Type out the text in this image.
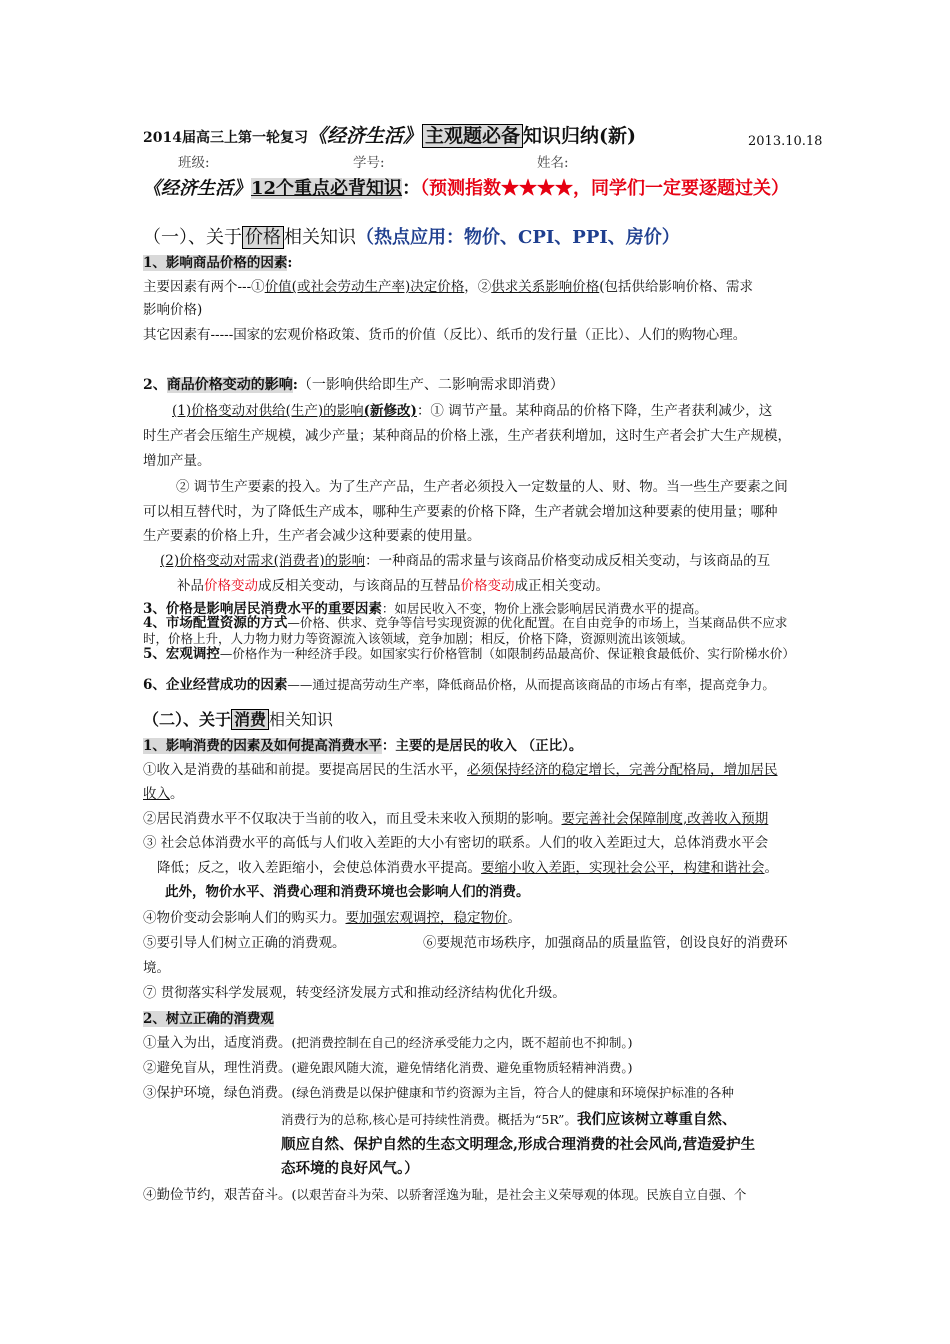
2014届高三上第一轮复习《经济生活》 主观题必备 知识归纳(新)	2013.10.18
班级:	学号:	姓名:
《经济生活》12个重点必背知识：（预测指数★★★★，同学们一定要逐题过关）
（一）、关于 价格 相关知识（热点应用：物价、CPI、PPI、房价）
1、影响商品价格的因素:
主要因素有两个---①价值(或社会劳动生产率)决定价格，②供求关系影响价格(包括供给影响价格、需求
影响价格)
其它因素有-----国家的宏观价格政策、货币的价值（反比）、纸币的发行量（正比）、人们的购物心理。
2、商品价格变动的影响:（一影响供给即生产、二影响需求即消费）
(1)价格变动对供给(生产)的影响(新修改)：① 调节产量。某种商品的价格下降，生产者获利减少，这
时生产者会压缩生产规模，减少产量；某种商品的价格上涨，生产者获利增加，这时生产者会扩大生产规模，
增加产量。
② 调节生产要素的投入。为了生产产品，生产者必须投入一定数量的人、财、物。当一些生产要素之间
可以相互替代时，为了降低生产成本，哪种生产要素的价格下降，生产者就会增加这种要素的使用量；哪种
生产要素的价格上升，生产者会减少这种要素的使用量。
(2)价格变动对需求(消费者)的影响：一种商品的需求量与该商品价格变动成反相关变动，与该商品的互
补品价格变动成反相关变动，与该商品的互替品价格变动成正相关变动。
3、价格是影响居民消费水平的重要因素：如居民收入不变，物价上涨会影响居民消费水平的提高。
4、市场配置资源的方式—价格、供求、竞争等信号实现资源的优化配置。在自由竞争的市场上，当某商品供不应求时，价格上升，人力物力财力等资源流入该领域，竞争加剧；相反，价格下降，资源则流出该领域。
5、宏观调控—价格作为一种经济手段。如国家实行价格管制（如限制药品最高价、保证粮食最低价、实行阶梯水价）
6、企业经营成功的因素——通过提高劳动生产率，降低商品价格，从而提高该商品的市场占有率，提高竞争力。
（二）、关于 消费 相关知识
1、影响消费的因素及如何提高消费水平：主要的是居民的收入 （正比）。
①收入是消费的基础和前提。要提高居民的生活水平，必须保持经济的稳定增长，完善分配格局，增加居民
收入。
②居民消费水平不仅取决于当前的收入，而且受未来收入预期的影响。要完善社会保障制度,改善收入预期
③ 社会总体消费水平的高低与人们收入差距的大小有密切的联系。人们的收入差距过大，总体消费水平会
降低；反之，收入差距缩小，会使总体消费水平提高。要缩小收入差距，实现社会公平，构建和谐社会。
此外，物价水平、消费心理和消费环境也会影响人们的消费。
④物价变动会影响人们的购买力。要加强宏观调控，稳定物价。
⑤要引导人们树立正确的消费观。	⑥要规范市场秩序，加强商品的质量监管，创设良好的消费环
境。
⑦ 贯彻落实科学发展观，转变经济发展方式和推动经济结构优化升级。
2、树立正确的消费观
①量入为出，适度消费。(把消费控制在自己的经济承受能力之内，既不超前也不抑制。)
②避免盲从，理性消费。(避免跟风随大流，避免情绪化消费、避免重物质轻精神消费。)
③保护环境，绿色消费。(绿色消费是以保护健康和节约资源为主旨，符合人的健康和环境保护标准的各种
消费行为的总称,核心是可持续性消费。概括为“5R”。我们应该树立尊重自然、
顺应自然、保护自然的生态文明理念,形成合理消费的社会风尚,营造爱护生
态环境的良好风气。）
④勤俭节约，艰苦奋斗。(以艰苦奋斗为荣、以骄奢淫逸为耻，是社会主义荣辱观的体现。民族自立自强、个
